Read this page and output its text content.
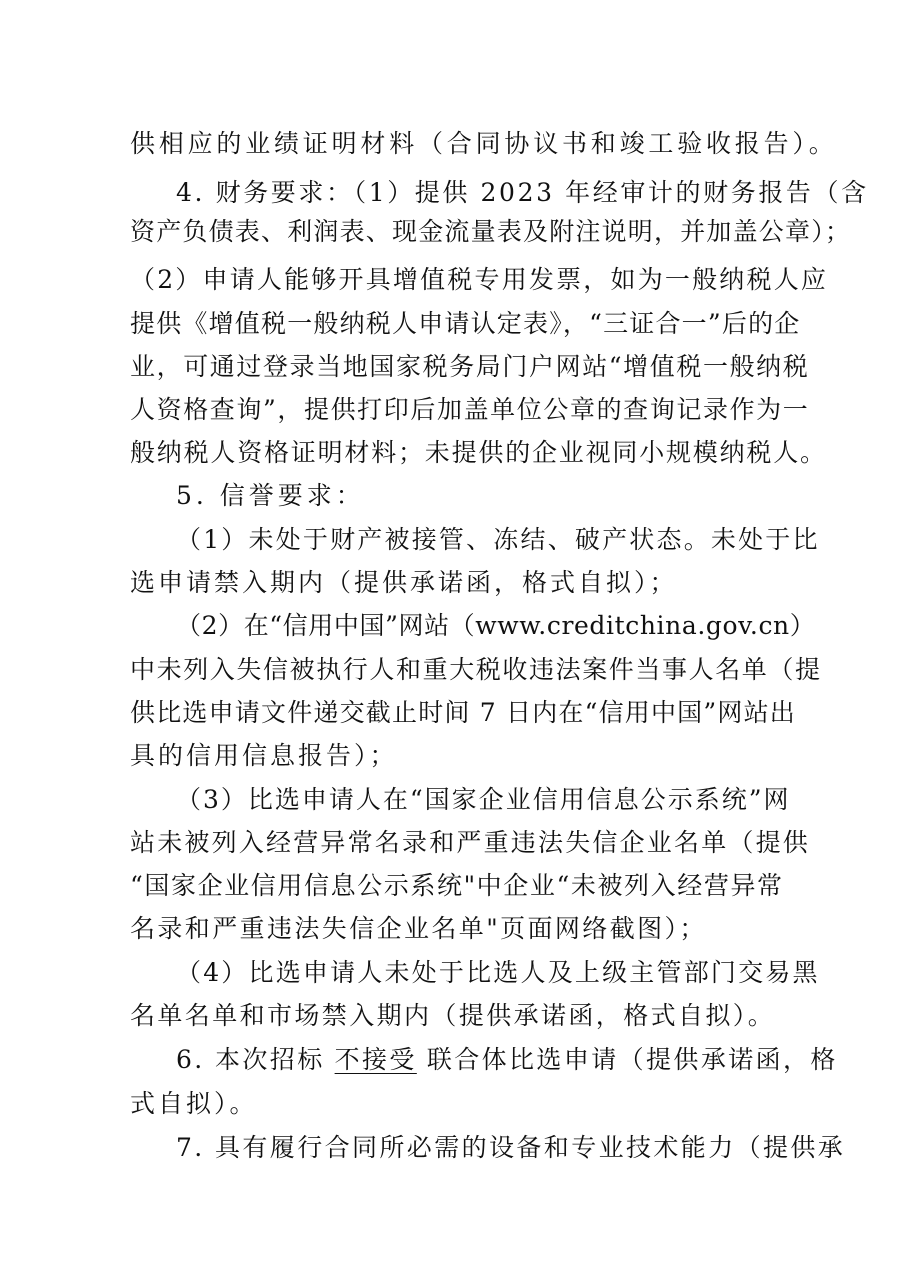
供相应的业绩证明材料（合同协议书和竣工验收报告）。
4. 财务要求：（1）提供 2023 年经审计的财务报告（含
资产负债表、利润表、现金流量表及附注说明，并加盖公章）；
（2）申请人能够开具增值税专用发票，如为一般纳税人应
提供《增值税一般纳税人申请认定表》，“三证合一”后的企
业，可通过登录当地国家税务局门户网站“增值税一般纳税
人资格查询”，提供打印后加盖单位公章的查询记录作为一
般纳税人资格证明材料；未提供的企业视同小规模纳税人。
5. 信誉要求：
（1）未处于财产被接管、冻结、破产状态。未处于比
选申请禁入期内（提供承诺函，格式自拟）；
（2）在“信用中国”网站（www.creditchina.gov.cn）
中未列入失信被执行人和重大税收违法案件当事人名单（提
供比选申请文件递交截止时间 7 日内在“信用中国”网站出
具的信用信息报告）；
（3）比选申请人在“国家企业信用信息公示系统”网
站未被列入经营异常名录和严重违法失信企业名单（提供
“国家企业信用信息公示系统"中企业“未被列入经营异常
名录和严重违法失信企业名单"页面网络截图）；
（4）比选申请人未处于比选人及上级主管部门交易黑
名单名单和市场禁入期内（提供承诺函，格式自拟）。
6. 本次招标 不接受 联合体比选申请（提供承诺函，格
式自拟）。
7. 具有履行合同所必需的设备和专业技术能力（提供承
